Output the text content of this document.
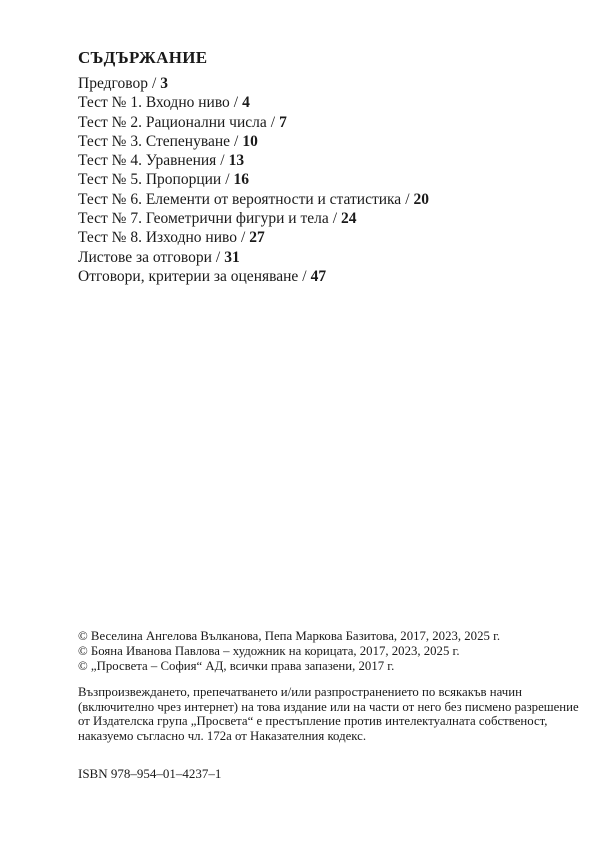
СЪДЪРЖАНИЕ
Предговор / 3
Тест № 1. Входно ниво / 4
Тест № 2. Рационални числа / 7
Тест № 3. Степенуване / 10
Тест № 4. Уравнения / 13
Тест № 5. Пропорции / 16
Тест № 6. Елементи от вероятности и статистика / 20
Тест № 7. Геометрични фигури и тела / 24
Тест № 8. Изходно ниво / 27
Листове за отговори / 31
Отговори, критерии за оценяване / 47
© Веселина Ангелова Вълканова, Пепа Маркова Базитова, 2017, 2023, 2025 г.
© Бояна Иванова Павлова – художник на корицата, 2017, 2023, 2025 г.
© „Просвета – София“ АД, всички права запазени, 2017 г.
Възпроизвеждането, препечатването и/или разпространението по всякакъв начин
(включително чрез интернет) на това издание или на части от него без писмено разрешение
от Издателска група „Просвета“ е престъпление против интелектуалната собственост,
наказуемо съгласно чл. 172а от Наказателния кодекс.
ISBN 978–954–01–4237–1
